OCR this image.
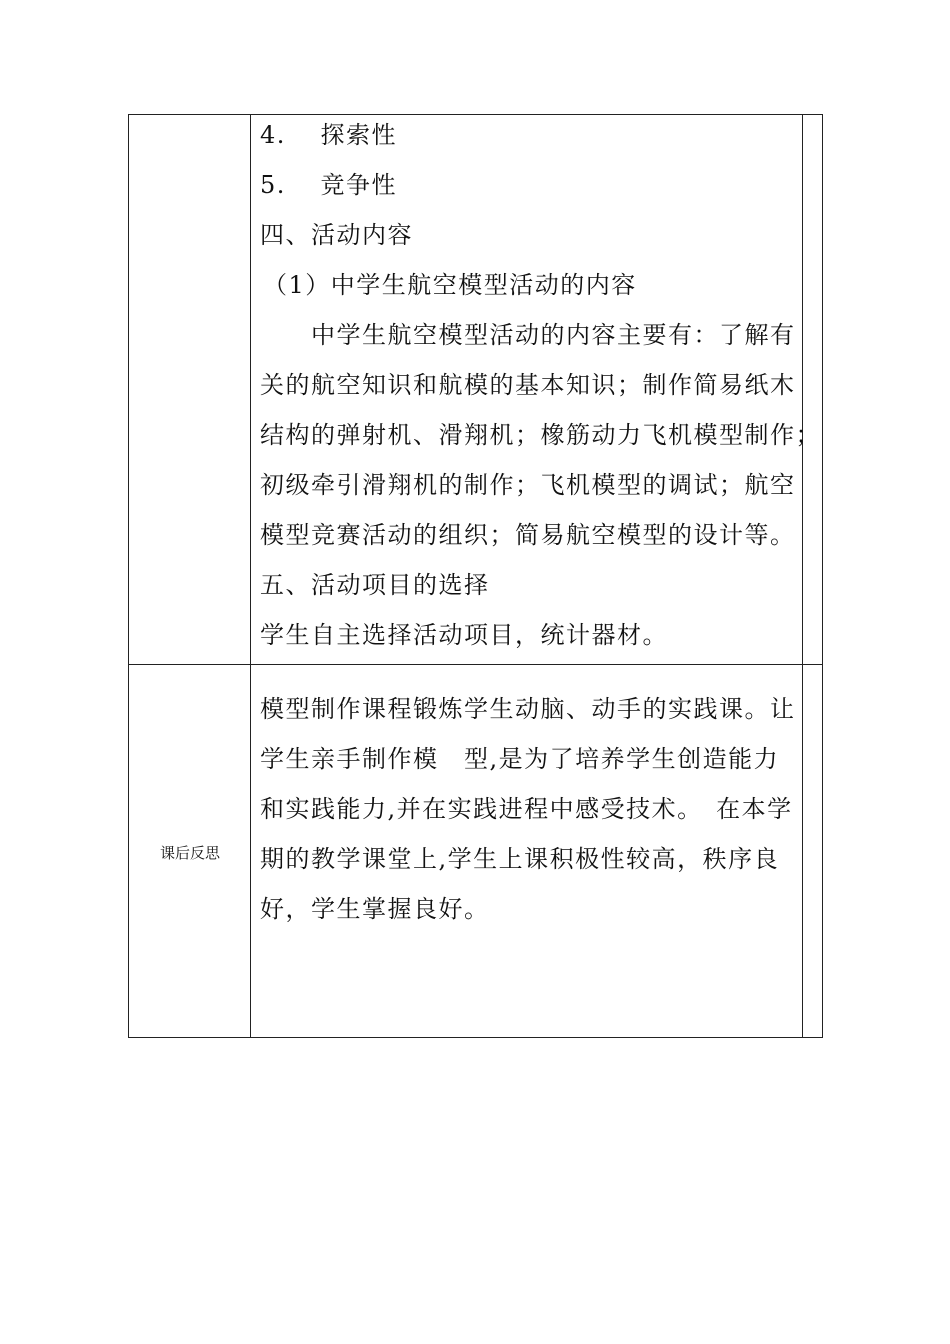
4.　 探索性
5.　 竞争性
四、活动内容
（1）中学生航空模型活动的内容
　　中学生航空模型活动的内容主要有：了解有
关的航空知识和航模的基本知识；制作简易纸木
结构的弹射机、滑翔机；橡筋动力飞机模型制作；
初级牵引滑翔机的制作；飞机模型的调试；航空
模型竞赛活动的组织；简易航空模型的设计等。
五、活动项目的选择
学生自主选择活动项目，统计器材。
课后反思
模型制作课程锻炼学生动脑、动手的实践课。让
学生亲手制作模　型,是为了培养学生创造能力
和实践能力,并在实践进程中感受技术。　在本学
期的教学课堂上,学生上课积极性较高，秩序良
好，学生掌握良好。
